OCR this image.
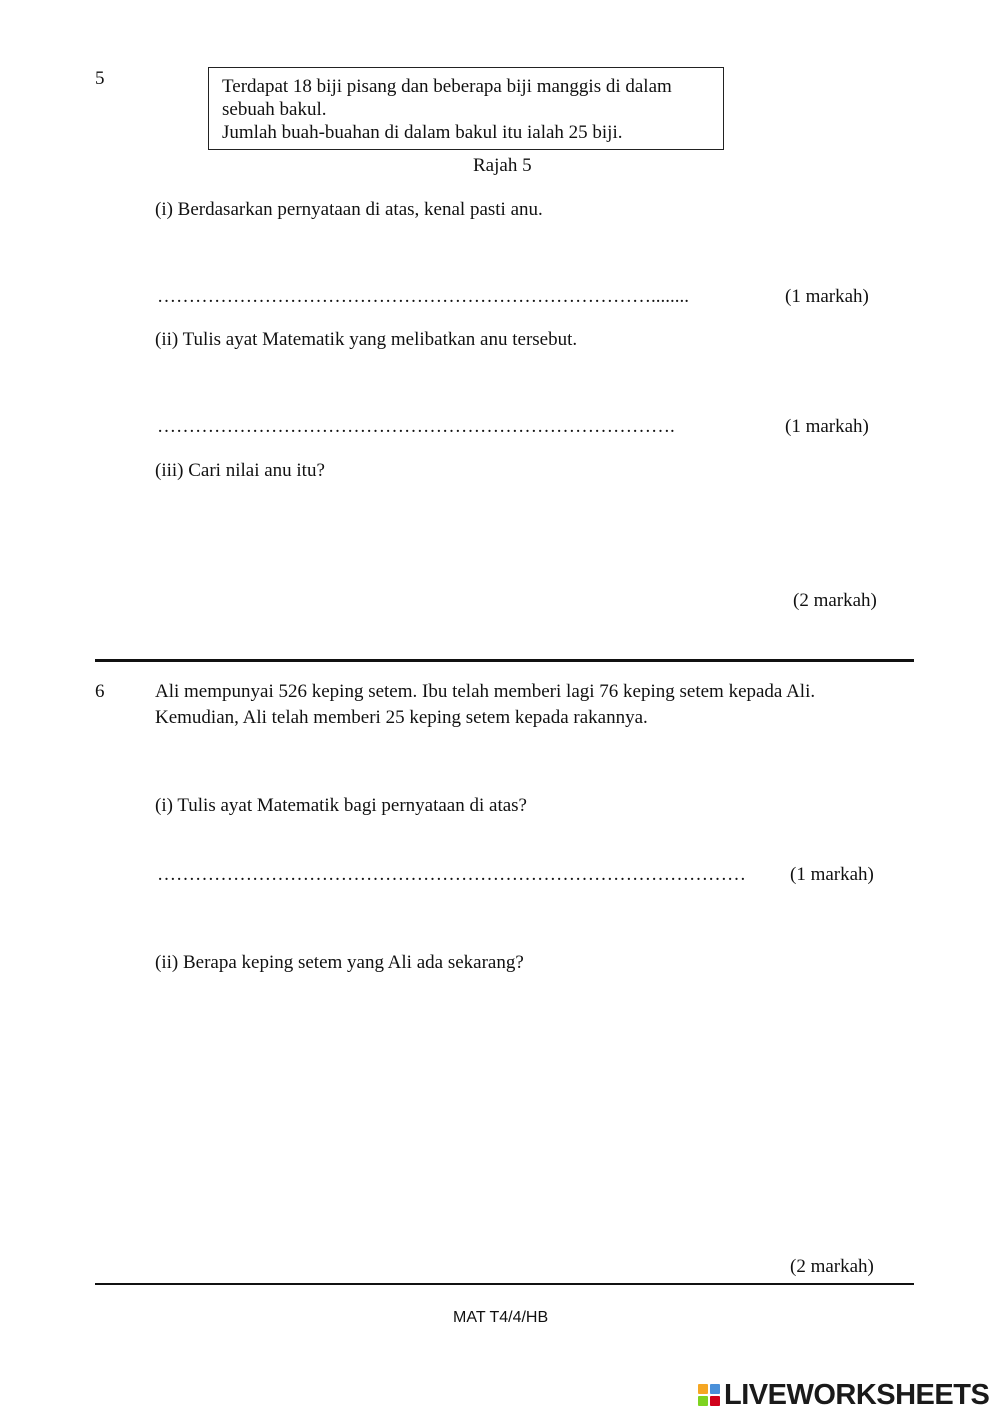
5	Terdapat 18 biji pisang dan beberapa biji manggis di dalam
sebuah bakul.
Jumlah buah-buahan di dalam bakul itu ialah 25 biji.
Rajah 5
(i) Berdasarkan pernyataan di atas, kenal pasti anu.
……………………………………………………………………........	(1 markah)
(ii) Tulis ayat Matematik yang melibatkan anu tersebut.
……………………………………………………………………….	(1 markah)
(iii) Cari nilai anu itu?
(2 markah)
6	Ali mempunyai 526 keping setem. Ibu telah memberi lagi 76 keping setem kepada Ali.
Kemudian, Ali telah memberi 25 keping setem kepada rakannya.
(i) Tulis ayat Matematik bagi pernyataan di atas?
…………………………………………………………………………………	(1 markah)
(ii) Berapa keping setem yang Ali ada sekarang?
(2 markah)
MAT T4/4/HB
LIVEWORKSHEETS
